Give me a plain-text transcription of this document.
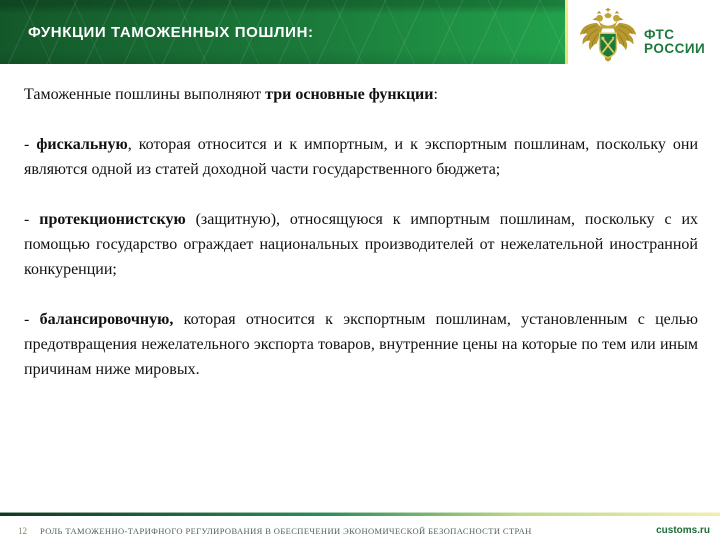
ФУНКЦИИ ТАМОЖЕННЫХ ПОШЛИН:	ФТС
РОССИИ

Таможенные пошлины выполняют три основные функции:

- фискальную, которая относится и к импортным, и к экспортным пошлинам, поскольку они являются одной из статей доходной части государственного бюджета;

- протекционистскую (защитную), относящуюся к импортным пошлинам, поскольку с их помощью государство ограждает национальных производителей от нежелательной иностранной конкуренции;

- балансировочную, которая относится к экспортным пошлинам, установленным с целью предотвращения нежелательного экспорта товаров, внутренние цены на которые по тем или иным причинам ниже мировых.

12 РОЛЬ ТАМОЖЕННО-ТАРИФНОГО РЕГУЛИРОВАНИЯ В ОБЕСПЕЧЕНИИ ЭКОНОМИЧЕСКОЙ БЕЗОПАСНОСТИ СТРАН	customs.ru
